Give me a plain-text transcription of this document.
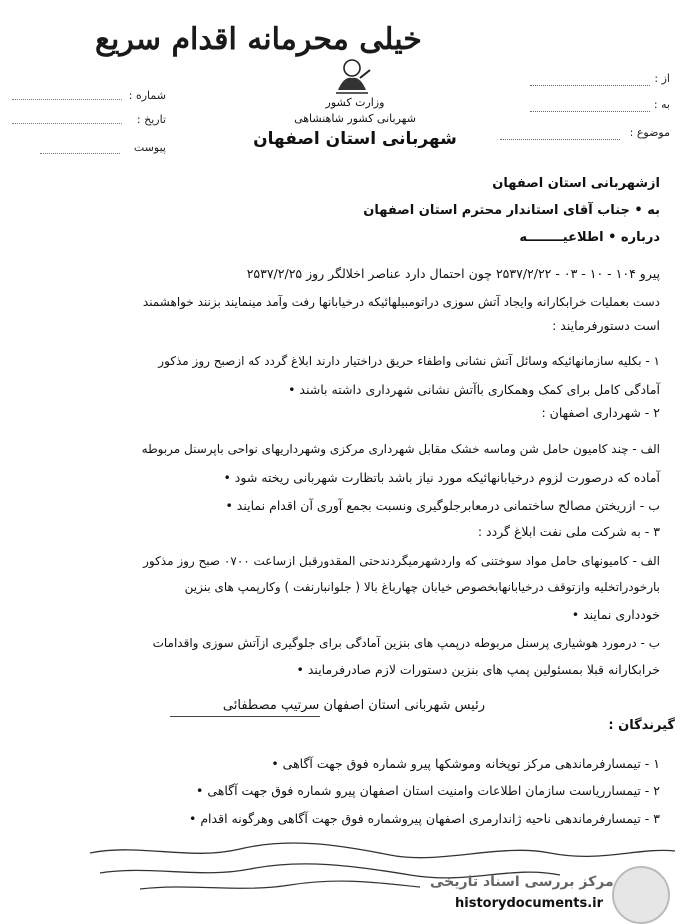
خیلی محرمانه اقدام سریع
وزارت کشور
شهربانی کشور شاهنشاهی
شهربانی استان اصفهان
از :
به :
موضوع :
شماره :
تاریخ :
پیوست
ازشهربانی استان اصفهان
به • جناب آقای استاندار محترم استان اصفهان
درباره • اطلاعیــــــــه
پیرو ۱۰۴ - ۱۰ - ۰۳ - ۲۵۳۷/۲/۲۲ چون احتمال دارد عناصر اخلالگر روز ۲۵۳۷/۲/۲۵
دست بعملیات خرابکارانه وایجاد آتش سوزی دراتومبیلهائیکه درخیابانها رفت وآمد مینمایند بزنند خواهشمند
است دستورفرمایند :
۱ - بکلیه سازمانهائیکه وسائل آتش نشانی واطفاء حریق دراختیار دارند ابلاغ گردد که ازصبح روز مذکور
آمادگی کامل برای کمک وهمکاری باآتش نشانی شهرداری داشته باشند •
۲ - شهرداری اصفهان :
الف - چند کامیون حامل شن وماسه خشک مقابل شهرداری مرکزی وشهرداریهای نواحی باپرسنل مربوطه
آماده که درصورت لزوم درخیابانهائیکه مورد نیاز باشد باتظارت شهربانی ریخته شود •
ب - ازریختن مصالح ساختمانی درمعابرجلوگیری ونسبت بجمع آوری آن اقدام نمایند •
۳ - به شرکت ملی نفت ابلاغ گردد :
الف - کامیونهای حامل مواد سوختنی که واردشهرمیگردندحتی المقدورقبل ازساعت ۰۷۰۰ صبح روز مذکور
بارخودراتخلیه وازتوقف درخیابانهابخصوص خیابان چهارباغ بالا ( جلوانبارنفت ) وکارپمپ های بنزین
خودداری نمایند •
ب - درمورد هوشیاری پرسنل مربوطه درپمپ های بنزین آمادگی برای جلوگیری ازآتش سوزی واقدامات
خرابکارانه قبلا بمسئولین پمپ های بنزین دستورات لازم صادرفرمایند •
رئیس شهربانی استان اصفهان سرتیپ مصطفائی
گیرندگان :
۱ - تیمسارفرماندهی مرکز توپخانه وموشکها پیرو شماره فوق جهت آگاهی •
۲ - تیمسارریاست سازمان اطلاعات وامنیت استان اصفهان پیرو شماره فوق جهت آگاهی •
۳ - تیمسارفرماندهی ناحیه ژاندارمری اصفهان پیروشماره فوق جهت آگاهی وهرگونه اقدام •
مرکز بررسی اسناد تاریخی
historydocuments.ir
